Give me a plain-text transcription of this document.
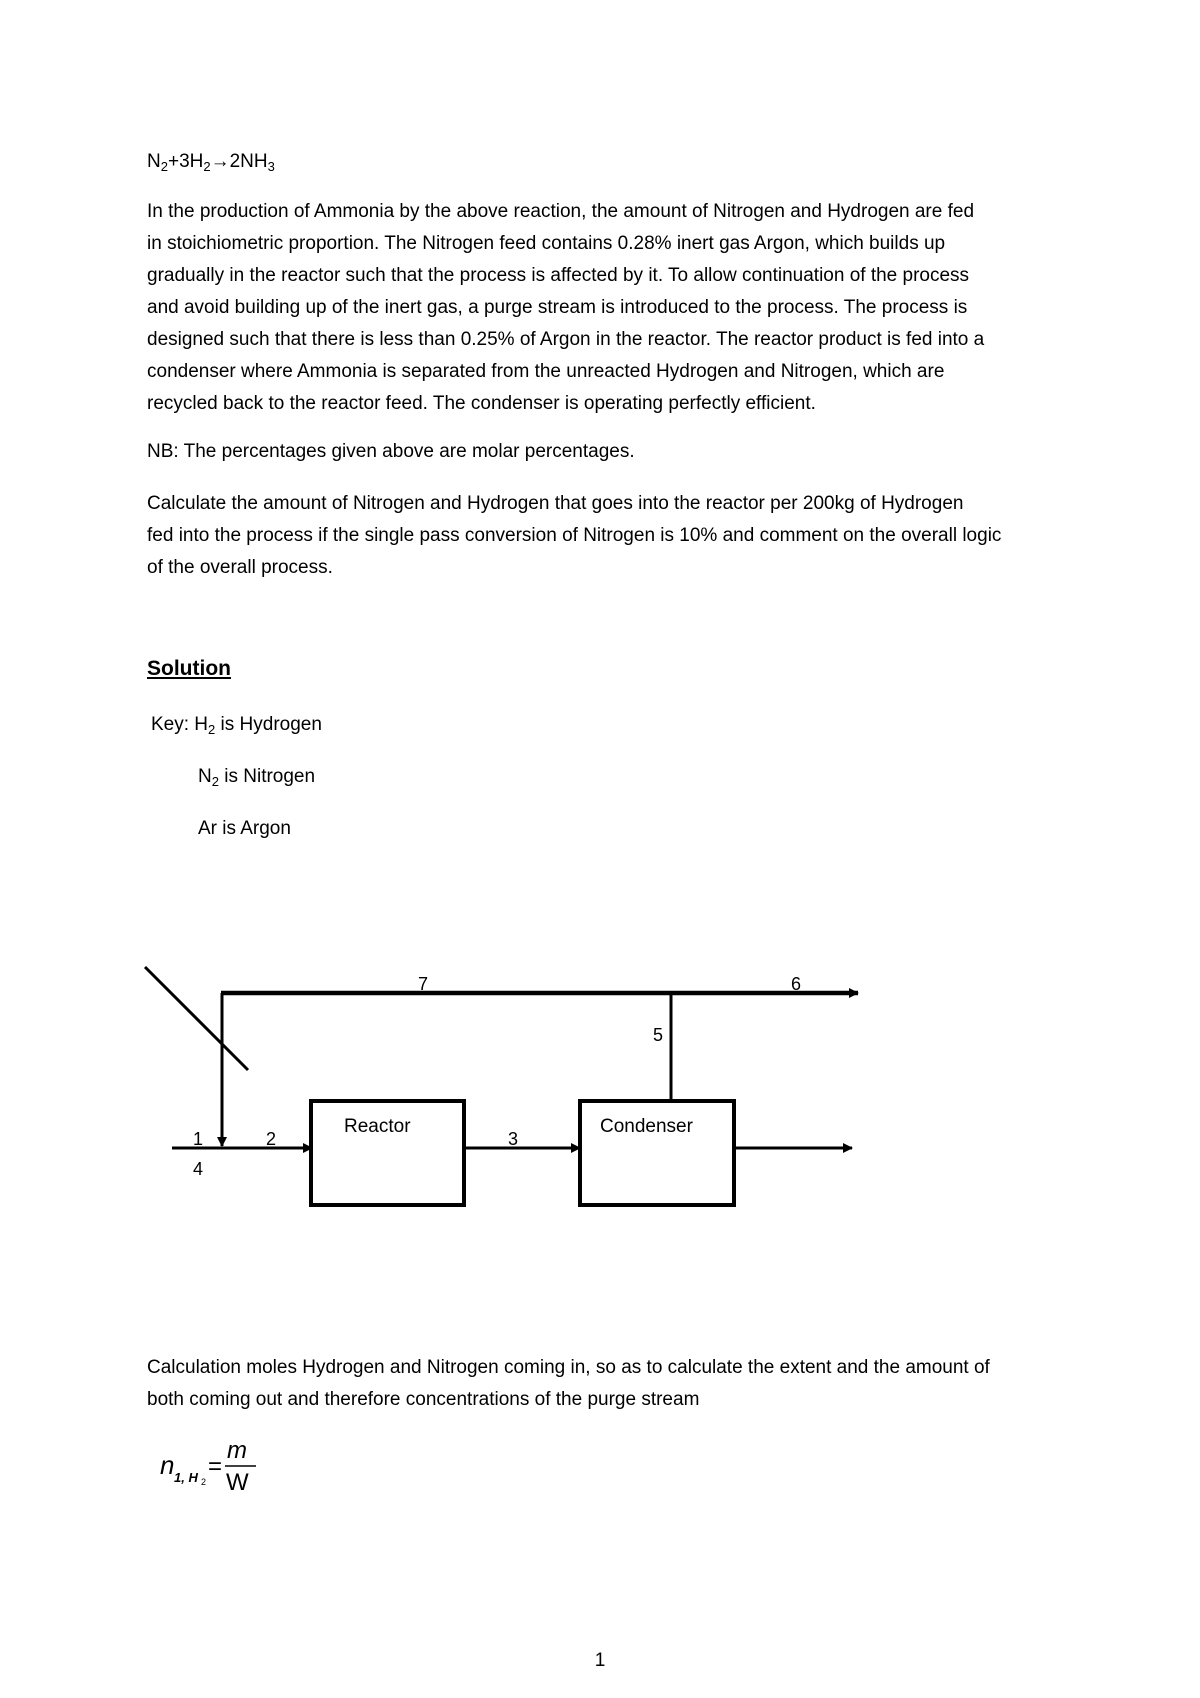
$N_2+3H_2\to 2NH_3$

In the production of Ammonia by the above reaction, the amount of Nitrogen and Hydrogen are fed

in stoichiometric proportion. The Nitrogen feed contains 0.28% inert gas Argon, which builds up

gradually in the reactor such that the process is affected by it. To allow continuation of the process

and avoid building up of the inert gas, a purge stream is introduced to the process. The process is

designed such that there is less than 0.25% of Argon in the reactor. The reactor product is fed into a

condenser where Ammonia is separated from the unreacted Hydrogen and Nitrogen, which are

recycled back to the reactor feed. The condenser is operating perfectly efficient.

NB: The percentages given above are molar percentages.

Calculate the amount of Nitrogen and Hydrogen that goes into the reactor per 200kg of Hydrogen

fed into the process if the single pass conversion of Nitrogen is 10% and comment on the overall logic

of the overall process.

Solution
Key: $H_2$ is Hydrogen
$N_2$ is Nitrogen
Ar is Argon
Reactor	Condenser
1	2	3
4
5
6
7

Calculation moles Hydrogen and Nitrogen coming in, so as to calculate the extent and the amount of

both coming out and therefore concentrations of the purge stream

n 1, H 2
=
m
W
1
